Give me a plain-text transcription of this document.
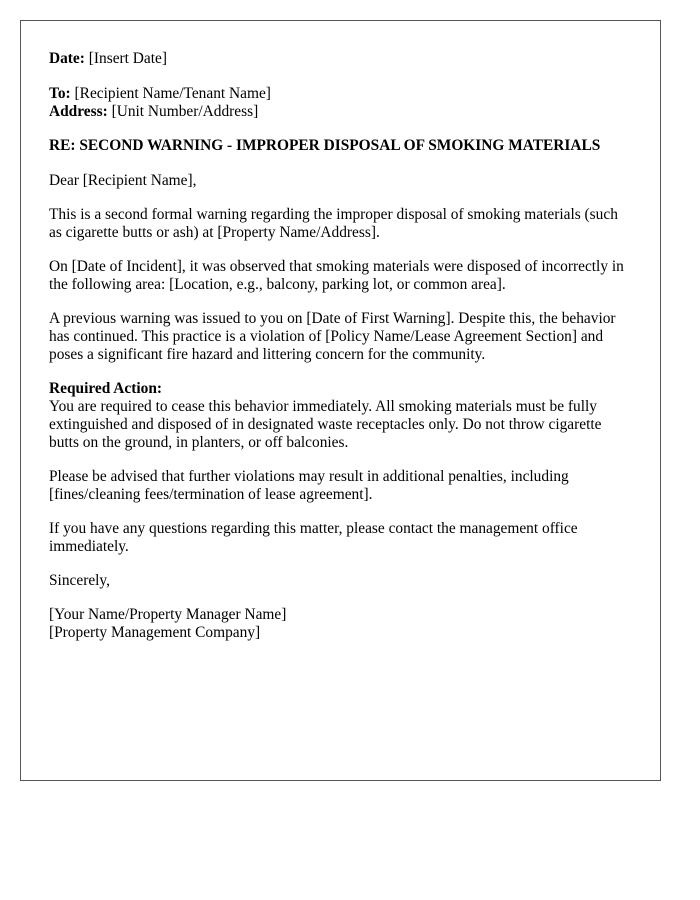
Date: [Insert Date]

To: [Recipient Name/Tenant Name]
Address: [Unit Number/Address]

RE: SECOND WARNING - IMPROPER DISPOSAL OF SMOKING MATERIALS

Dear [Recipient Name],

This is a second formal warning regarding the improper disposal of smoking materials (such as cigarette butts or ash) at [Property Name/Address].

On [Date of Incident], it was observed that smoking materials were disposed of incorrectly in the following area: [Location, e.g., balcony, parking lot, or common area].

A previous warning was issued to you on [Date of First Warning]. Despite this, the behavior has continued. This practice is a violation of [Policy Name/Lease Agreement Section] and poses a significant fire hazard and littering concern for the community.

Required Action:
You are required to cease this behavior immediately. All smoking materials must be fully extinguished and disposed of in designated waste receptacles only. Do not throw cigarette butts on the ground, in planters, or off balconies.

Please be advised that further violations may result in additional penalties, including [fines/cleaning fees/termination of lease agreement].

If you have any questions regarding this matter, please contact the management office immediately.

Sincerely,

[Your Name/Property Manager Name]
[Property Management Company]
